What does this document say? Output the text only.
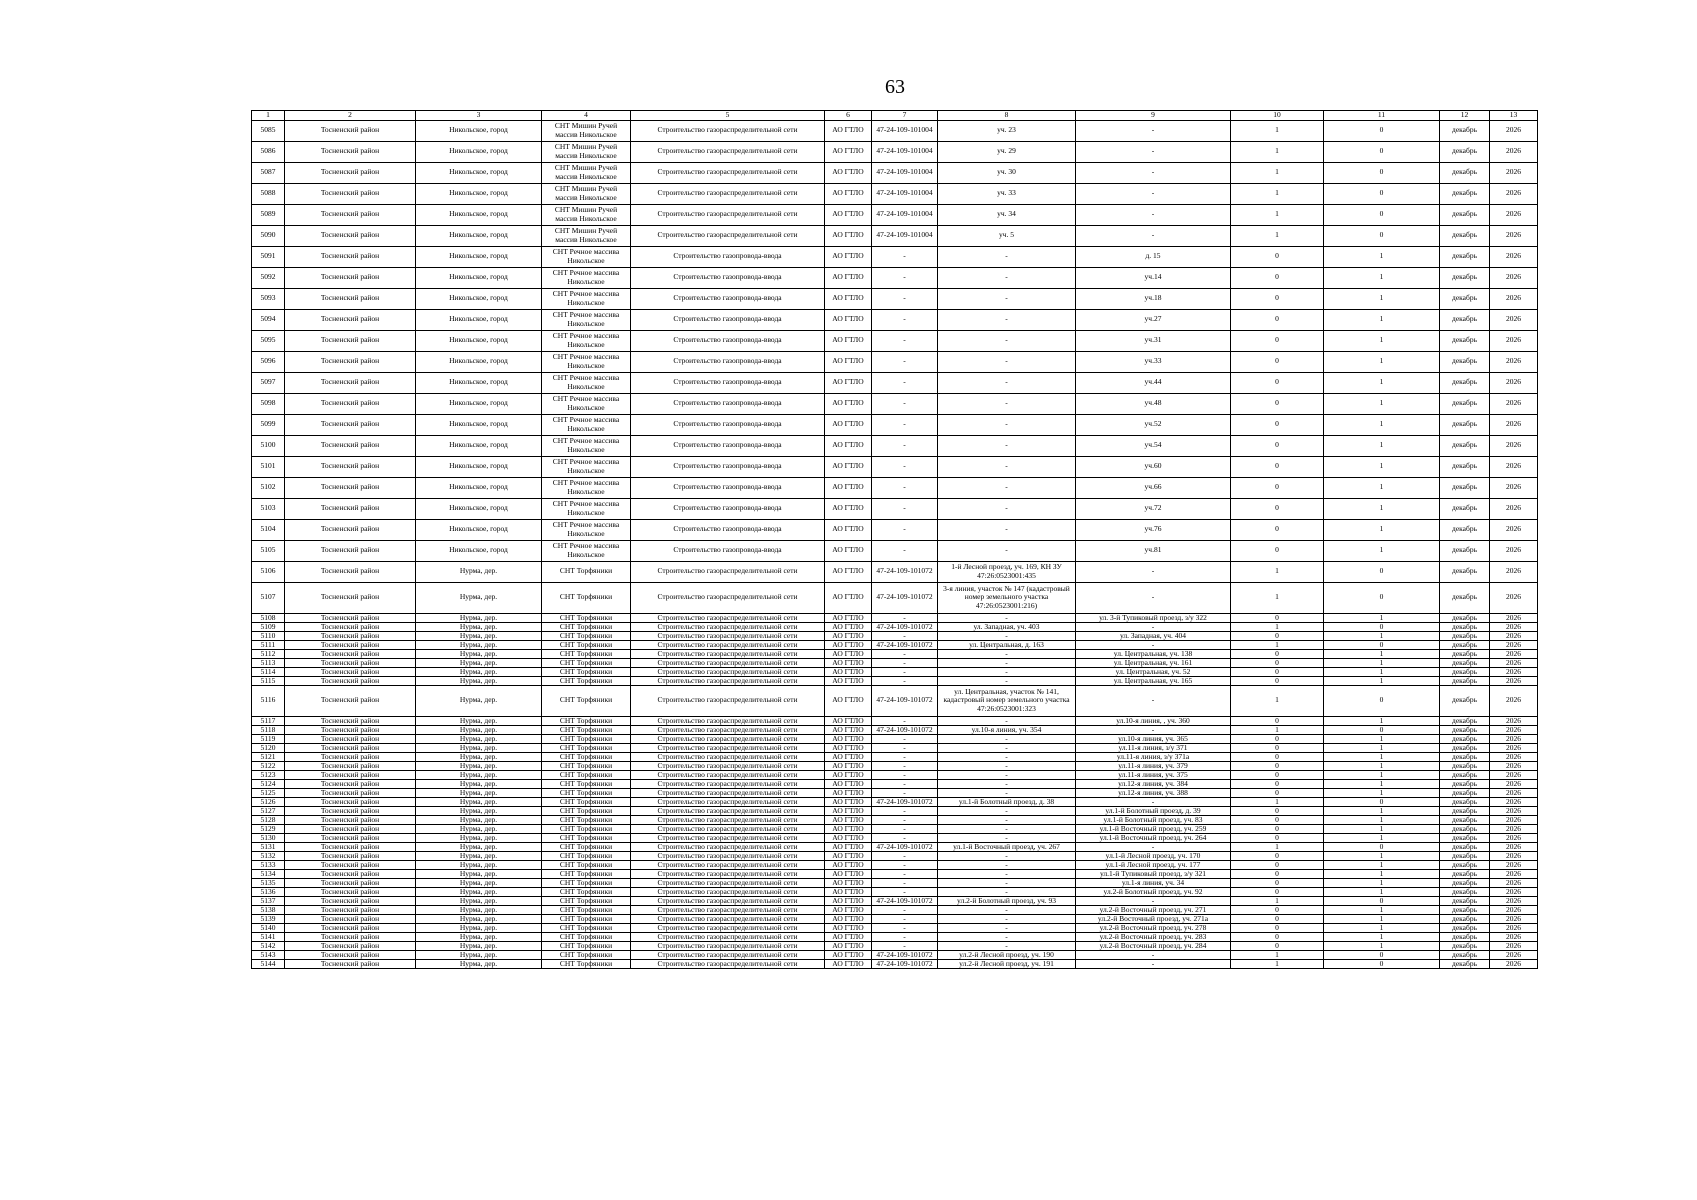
63
1	2	3	4	5	6	7	8	9	10	11	12	13
5085	Тосненский район	Никольское, город	СНТ Мишин Ручей массив Никольское	Строительство газораспределительной сети	АО ГТЛО	47-24-109-101004	уч. 23	-	1	0	декабрь	2026
5086	Тосненский район	Никольское, город	СНТ Мишин Ручей массив Никольское	Строительство газораспределительной сети	АО ГТЛО	47-24-109-101004	уч. 29	-	1	0	декабрь	2026
5087	Тосненский район	Никольское, город	СНТ Мишин Ручей массив Никольское	Строительство газораспределительной сети	АО ГТЛО	47-24-109-101004	уч. 30	-	1	0	декабрь	2026
5088	Тосненский район	Никольское, город	СНТ Мишин Ручей массив Никольское	Строительство газораспределительной сети	АО ГТЛО	47-24-109-101004	уч. 33	-	1	0	декабрь	2026
5089	Тосненский район	Никольское, город	СНТ Мишин Ручей массив Никольское	Строительство газораспределительной сети	АО ГТЛО	47-24-109-101004	уч. 34	-	1	0	декабрь	2026
5090	Тосненский район	Никольское, город	СНТ Мишин Ручей массив Никольское	Строительство газораспределительной сети	АО ГТЛО	47-24-109-101004	уч. 5	-	1	0	декабрь	2026
5091	Тосненский район	Никольское, город	СНТ Речное массива Никольское	Строительство газопровода-ввода	АО ГТЛО	-	-	д. 15	0	1	декабрь	2026
5092	Тосненский район	Никольское, город	СНТ Речное массива Никольское	Строительство газопровода-ввода	АО ГТЛО	-	-	уч.14	0	1	декабрь	2026
5093	Тосненский район	Никольское, город	СНТ Речное массива Никольское	Строительство газопровода-ввода	АО ГТЛО	-	-	уч.18	0	1	декабрь	2026
5094	Тосненский район	Никольское, город	СНТ Речное массива Никольское	Строительство газопровода-ввода	АО ГТЛО	-	-	уч.27	0	1	декабрь	2026
5095	Тосненский район	Никольское, город	СНТ Речное массива Никольское	Строительство газопровода-ввода	АО ГТЛО	-	-	уч.31	0	1	декабрь	2026
5096	Тосненский район	Никольское, город	СНТ Речное массива Никольское	Строительство газопровода-ввода	АО ГТЛО	-	-	уч.33	0	1	декабрь	2026
5097	Тосненский район	Никольское, город	СНТ Речное массива Никольское	Строительство газопровода-ввода	АО ГТЛО	-	-	уч.44	0	1	декабрь	2026
5098	Тосненский район	Никольское, город	СНТ Речное массива Никольское	Строительство газопровода-ввода	АО ГТЛО	-	-	уч.48	0	1	декабрь	2026
5099	Тосненский район	Никольское, город	СНТ Речное массива Никольское	Строительство газопровода-ввода	АО ГТЛО	-	-	уч.52	0	1	декабрь	2026
5100	Тосненский район	Никольское, город	СНТ Речное массива Никольское	Строительство газопровода-ввода	АО ГТЛО	-	-	уч.54	0	1	декабрь	2026
5101	Тосненский район	Никольское, город	СНТ Речное массива Никольское	Строительство газопровода-ввода	АО ГТЛО	-	-	уч.60	0	1	декабрь	2026
5102	Тосненский район	Никольское, город	СНТ Речное массива Никольское	Строительство газопровода-ввода	АО ГТЛО	-	-	уч.66	0	1	декабрь	2026
5103	Тосненский район	Никольское, город	СНТ Речное массива Никольское	Строительство газопровода-ввода	АО ГТЛО	-	-	уч.72	0	1	декабрь	2026
5104	Тосненский район	Никольское, город	СНТ Речное массива Никольское	Строительство газопровода-ввода	АО ГТЛО	-	-	уч.76	0	1	декабрь	2026
5105	Тосненский район	Никольское, город	СНТ Речное массива Никольское	Строительство газопровода-ввода	АО ГТЛО	-	-	уч.81	0	1	декабрь	2026
5106	Тосненский район	Нурма, дер.	СНТ Торфяники	Строительство газораспределительной сети	АО ГТЛО	47-24-109-101072	1-й Лесной проезд, уч. 169, КН ЗУ 47:26:0523001:435	-	1	0	декабрь	2026
5107	Тосненский район	Нурма, дер.	СНТ Торфяники	Строительство газораспределительной сети	АО ГТЛО	47-24-109-101072	3-я линия, участок № 147 (кадастровый номер земельного участка 47:26:0523001:216)	-	1	0	декабрь	2026
5108	Тосненский район	Нурма, дер.	СНТ Торфяники	Строительство газораспределительной сети	АО ГТЛО	-	-	ул. 3-й Тупиковый проезд, з/у 322	0	1	декабрь	2026
5109	Тосненский район	Нурма, дер.	СНТ Торфяники	Строительство газораспределительной сети	АО ГТЛО	47-24-109-101072	ул. Западная, уч. 403	-	1	0	декабрь	2026
5110	Тосненский район	Нурма, дер.	СНТ Торфяники	Строительство газораспределительной сети	АО ГТЛО	-	-	ул. Западная, уч. 404	0	1	декабрь	2026
5111	Тосненский район	Нурма, дер.	СНТ Торфяники	Строительство газораспределительной сети	АО ГТЛО	47-24-109-101072	ул. Центральная, д. 163	-	1	0	декабрь	2026
5112	Тосненский район	Нурма, дер.	СНТ Торфяники	Строительство газораспределительной сети	АО ГТЛО	-	-	ул. Центральная, уч. 138	0	1	декабрь	2026
5113	Тосненский район	Нурма, дер.	СНТ Торфяники	Строительство газораспределительной сети	АО ГТЛО	-	-	ул. Центральная, уч. 161	0	1	декабрь	2026
5114	Тосненский район	Нурма, дер.	СНТ Торфяники	Строительство газораспределительной сети	АО ГТЛО	-	-	ул. Центральная, уч. 52	0	1	декабрь	2026
5115	Тосненский район	Нурма, дер.	СНТ Торфяники	Строительство газораспределительной сети	АО ГТЛО	-	-	ул. Центральная, уч. 165	0	1	декабрь	2026
5116	Тосненский район	Нурма, дер.	СНТ Торфяники	Строительство газораспределительной сети	АО ГТЛО	47-24-109-101072	ул. Центральная, участок № 141, кадастровый номер земельного участка 47:26:0523001:323	-	1	0	декабрь	2026
5117	Тосненский район	Нурма, дер.	СНТ Торфяники	Строительство газораспределительной сети	АО ГТЛО	-	-	ул.10-я линия, , уч. 360	0	1	декабрь	2026
5118	Тосненский район	Нурма, дер.	СНТ Торфяники	Строительство газораспределительной сети	АО ГТЛО	47-24-109-101072	ул.10-я линия, уч. 354	-	1	0	декабрь	2026
5119	Тосненский район	Нурма, дер.	СНТ Торфяники	Строительство газораспределительной сети	АО ГТЛО	-	-	ул.10-я линия, уч. 365	0	1	декабрь	2026
5120	Тосненский район	Нурма, дер.	СНТ Торфяники	Строительство газораспределительной сети	АО ГТЛО	-	-	ул.11-я линия, з/у 371	0	1	декабрь	2026
5121	Тосненский район	Нурма, дер.	СНТ Торфяники	Строительство газораспределительной сети	АО ГТЛО	-	-	ул.11-я линия, з/у 371а	0	1	декабрь	2026
5122	Тосненский район	Нурма, дер.	СНТ Торфяники	Строительство газораспределительной сети	АО ГТЛО	-	-	ул.11-я линия, уч. 379	0	1	декабрь	2026
5123	Тосненский район	Нурма, дер.	СНТ Торфяники	Строительство газораспределительной сети	АО ГТЛО	-	-	ул.11-я линия, уч. 375	0	1	декабрь	2026
5124	Тосненский район	Нурма, дер.	СНТ Торфяники	Строительство газораспределительной сети	АО ГТЛО	-	-	ул.12-я линия, уч. 384	0	1	декабрь	2026
5125	Тосненский район	Нурма, дер.	СНТ Торфяники	Строительство газораспределительной сети	АО ГТЛО	-	-	ул.12-я линия, уч. 388	0	1	декабрь	2026
5126	Тосненский район	Нурма, дер.	СНТ Торфяники	Строительство газораспределительной сети	АО ГТЛО	47-24-109-101072	ул.1-й Болотный проезд, д. 38	-	1	0	декабрь	2026
5127	Тосненский район	Нурма, дер.	СНТ Торфяники	Строительство газораспределительной сети	АО ГТЛО	-	-	ул.1-й Болотный проезд, д. 39	0	1	декабрь	2026
5128	Тосненский район	Нурма, дер.	СНТ Торфяники	Строительство газораспределительной сети	АО ГТЛО	-	-	ул.1-й Болотный проезд, уч. 83	0	1	декабрь	2026
5129	Тосненский район	Нурма, дер.	СНТ Торфяники	Строительство газораспределительной сети	АО ГТЛО	-	-	ул.1-й Восточный проезд, уч. 259	0	1	декабрь	2026
5130	Тосненский район	Нурма, дер.	СНТ Торфяники	Строительство газораспределительной сети	АО ГТЛО	-	-	ул.1-й Восточный проезд, уч. 264	0	1	декабрь	2026
5131	Тосненский район	Нурма, дер.	СНТ Торфяники	Строительство газораспределительной сети	АО ГТЛО	47-24-109-101072	ул.1-й Восточный проезд, уч. 267	-	1	0	декабрь	2026
5132	Тосненский район	Нурма, дер.	СНТ Торфяники	Строительство газораспределительной сети	АО ГТЛО	-	-	ул.1-й Лесной проезд, уч. 170	0	1	декабрь	2026
5133	Тосненский район	Нурма, дер.	СНТ Торфяники	Строительство газораспределительной сети	АО ГТЛО	-	-	ул.1-й Лесной проезд, уч. 177	0	1	декабрь	2026
5134	Тосненский район	Нурма, дер.	СНТ Торфяники	Строительство газораспределительной сети	АО ГТЛО	-	-	ул.1-й Тупиковый проезд, з/у 321	0	1	декабрь	2026
5135	Тосненский район	Нурма, дер.	СНТ Торфяники	Строительство газораспределительной сети	АО ГТЛО	-	-	ул.1-я линия, уч. 34	0	1	декабрь	2026
5136	Тосненский район	Нурма, дер.	СНТ Торфяники	Строительство газораспределительной сети	АО ГТЛО	-	-	ул.2-й Болотный проезд, уч. 92	0	1	декабрь	2026
5137	Тосненский район	Нурма, дер.	СНТ Торфяники	Строительство газораспределительной сети	АО ГТЛО	47-24-109-101072	ул.2-й Болотный проезд, уч. 93	-	1	0	декабрь	2026
5138	Тосненский район	Нурма, дер.	СНТ Торфяники	Строительство газораспределительной сети	АО ГТЛО	-	-	ул.2-й Восточный проезд, уч. 271	0	1	декабрь	2026
5139	Тосненский район	Нурма, дер.	СНТ Торфяники	Строительство газораспределительной сети	АО ГТЛО	-	-	ул.2-й Восточный проезд, уч. 271а	0	1	декабрь	2026
5140	Тосненский район	Нурма, дер.	СНТ Торфяники	Строительство газораспределительной сети	АО ГТЛО	-	-	ул.2-й Восточный проезд, уч. 278	0	1	декабрь	2026
5141	Тосненский район	Нурма, дер.	СНТ Торфяники	Строительство газораспределительной сети	АО ГТЛО	-	-	ул.2-й Восточный проезд, уч. 283	0	1	декабрь	2026
5142	Тосненский район	Нурма, дер.	СНТ Торфяники	Строительство газораспределительной сети	АО ГТЛО	-	-	ул.2-й Восточный проезд, уч. 284	0	1	декабрь	2026
5143	Тосненский район	Нурма, дер.	СНТ Торфяники	Строительство газораспределительной сети	АО ГТЛО	47-24-109-101072	ул.2-й Лесной проезд, уч. 190	-	1	0	декабрь	2026
5144	Тосненский район	Нурма, дер.	СНТ Торфяники	Строительство газораспределительной сети	АО ГТЛО	47-24-109-101072	ул.2-й Лесной проезд, уч. 191	-	1	0	декабрь	2026
